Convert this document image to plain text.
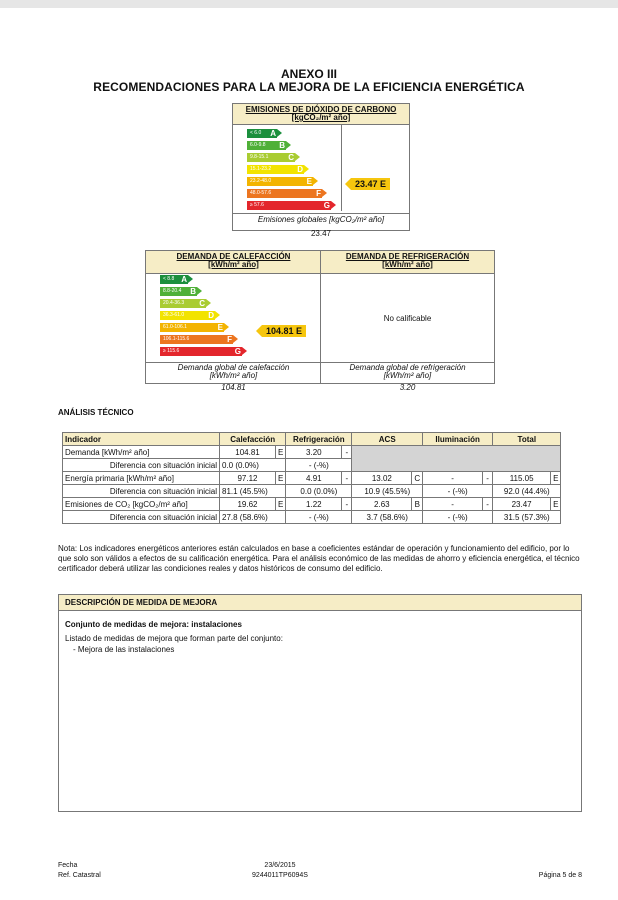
ANEXO III
RECOMENDACIONES PARA LA MEJORA DE LA EFICIENCIA ENERGÉTICA
EMISIONES DE DIÓXIDO DE CARBONO
[kgCO₂/m² año]
< 6.0 A
6.0-9.8 B
9.8-15.1 C
15.1-23.2	D
23.2-48.0	E
48.0-57.6	F
≥ 57.6	G
23.47 E
Emisiones globales [kgCO₂/m² año]
23.47
DEMANDA DE CALEFACCIÓN
[kWh/m² año]
< 8.8 A
8.8-20.4 B
20.4-36.3 C
36.3-61.0	D
61.0-106.1	E
106.1-115.6	F
≥ 115.6	G
104.81 E
Demanda global de calefacción
[kWh/m² año]
104.81
DEMANDA DE REFRIGERACIÓN
[kWh/m² año]
No calificable
Demanda global de refrigeración
[kWh/m² año]
3.20
ANÁLISIS TÉCNICO
Indicador	Calefacción		Refrigeración		ACS		Iluminación		Total	
Demanda [kWh/m² año]	104.81	E	3.20	-						
Diferencia con situación inicial	0.0 (0.0%)		- (-%)							
Energía primaria [kWh/m² año]	97.12	E	4.91	-	13.02	C	-	-	115.05	E
Diferencia con situación inicial	81.1 (45.5%)		0.0 (0.0%)		10.9 (45.5%)		- (-%)		92.0 (44.4%)	
Emisiones de CO₂ [kgCO₂/m² año]	19.62	E	1.22	-	2.63	B	-	-	23.47	E
Diferencia con situación inicial	27.8 (58.6%)		- (-%)		3.7 (58.6%)		- (-%)		31.5 (57.3%)	
Nota: Los indicadores energéticos anteriores están calculados en base a coeficientes estándar de operación y funcionamiento del edificio, por lo que solo son válidos a efectos de su calificación energética. Para el análisis económico de las medidas de ahorro y eficiencia energética, el técnico certificador deberá utilizar las condiciones reales y datos históricos de consumo del edificio.
DESCRIPCIÓN DE MEDIDA DE MEJORA
Conjunto de medidas de mejora: instalaciones
Listado de medidas de mejora que forman parte del conjunto:
- Mejora de las instalaciones
Fecha
Ref. Catastral
23/6/2015
9244011TP6094S	Página 5 de 8
